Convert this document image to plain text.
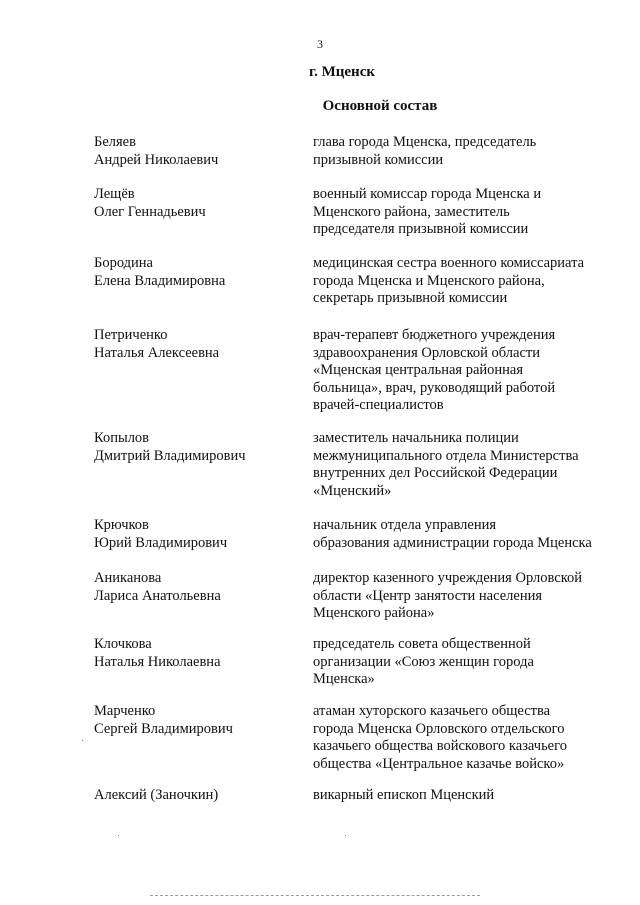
3
г. Мценск
Основной состав
Беляев
Андрей Николаевич
глава города Мценска, председатель
призывной комиссии
Лещёв
Олег Геннадьевич
военный комиссар города Мценска и
Мценского района, заместитель
председателя призывной комиссии
Бородина
Елена Владимировна
медицинская сестра военного комиссариата
города Мценска и Мценского района,
секретарь призывной комиссии
Петриченко
Наталья Алексеевна
врач-терапевт бюджетного учреждения
здравоохранения Орловской области
«Мценская центральная районная
больница», врач, руководящий работой
врачей-специалистов
Копылов
Дмитрий Владимирович
заместитель начальника полиции
межмуниципального отдела Министерства
внутренних дел Российской Федерации
«Мценский»
Крючков
Юрий Владимирович
начальник отдела управления
образования администрации города Мценска
Аниканова
Лариса Анатольевна
директор казенного учреждения Орловской
области «Центр занятости населения
Мценского района»
Клочкова
Наталья Николаевна
председатель совета общественной
организации «Союз женщин города
Мценска»
Марченко
Сергей Владимирович
атаман хуторского казачьего общества
города Мценска Орловского отдельского
казачьего общества войскового казачьего
общества «Центральное казачье войско»
Алексий (Заночкин)	викарный епископ Мценский
